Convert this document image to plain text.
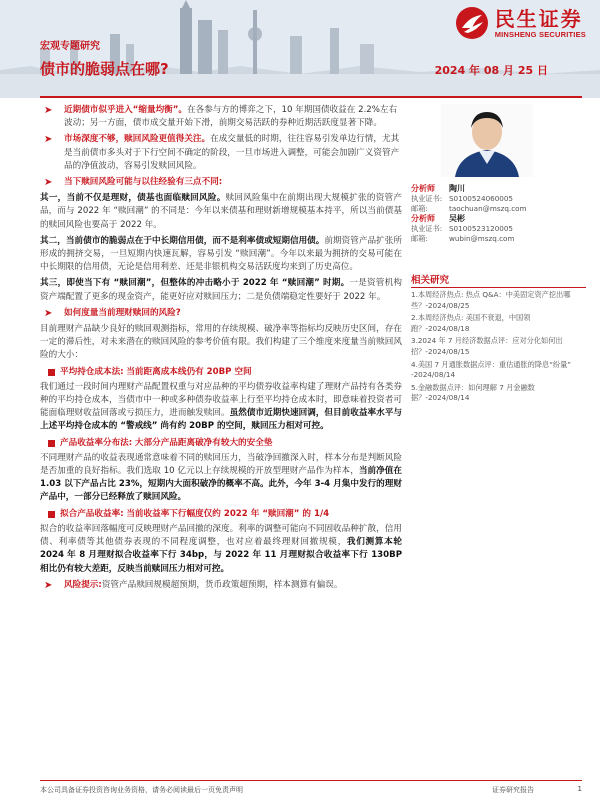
民生证券
MINSHENG SECURITIES
宏观专题研究
债市的脆弱点在哪?	2024 年 08 月 25 日
➤ 近期债市似乎进入“缩量均衡”。在各参与方的博弈之下，10 年期国债收益在 2.2%左右波动；另一方面，债市成交量开始下滑，前期交易活跃的券种近期活跃度显著下降。
➤ 市场深度不够，赎回风险更值得关注。在成交量低的时期，往往容易引发单边行情，尤其是当前债市多头对于下行空间不确定的阶段，一旦市场进入调整，可能会加剧广义资管产品的净值波动，容易引发赎回风险。
➤ 当下赎回风险可能与以往经验有三点不同:
其一，当前不仅是理财，债基也面临赎回风险。赎回风险集中在前期出现大规模扩张的资管产品，而与 2022 年 “赎回潮” 的不同是：今年以来债基和理财新增规模基本持平，所以当前债基的赎回风险也要高于 2022 年。
其二，当前债市的脆弱点在于中长期信用债，而不是利率债或短期信用债。前期资管产品扩张所形成的拥挤交易，一旦短期内快速瓦解，容易引发 “赎回潮”。今年以来最为拥挤的交易可能在中长期限的信用债，无论是信用利差、还是非银机构交易活跃度均来到了历史高位。
其三，即使当下有 “赎回潮”，但整体的冲击略小于 2022 年 “赎回潮” 时期。一是资管机构资产端配置了更多的现金资产，能更好应对赎回压力；二是负债端稳定性要好于 2022 年。
➤ 如何度量当前理财赎回的风险?
目前理财产品缺少良好的赎回观测指标，常用的存续规模、破净率等指标均反映历史区间，存在一定的滞后性，对未来潜在的赎回风险的参考价值有限。我们构建了三个维度来度量当前赎回风险的大小：
平均持仓成本法:
当前距离成本线仍有 20BP 空间
我们通过一段时间内理财产品配置权重与对应品种的平均债券收益率构建了理财产品持有各类券种的平均持仓成本，当债市中一种或多种债券收益率上行至平均持仓成本时，即意味着投资者可能面临理财收益回落或亏损压力，进而触发赎回。虽然债市近期快速回调，但目前收益率水平与上述平均持仓成本的 “警戒线” 尚有约 20BP 的空间，赎回压力相对可控。
产品收益率分布法:
大部分产品距离破净有较大的安全垫
不同理财产品的收益表现通常意味着不同的赎回压力，当破净回撤深入时，样本分布是判断风险是否加重的良好指标。我们选取 10 亿元以上存续规模的开放型理财产品作为样本，当前净值在 1.03 以下产品占比 23%，短期内大面积破净的概率不高。此外，今年 3-4 月集中发行的理财产品中，一部分已经释放了赎回风险。
拟合产品收益率:
当前收益率下行幅度仅约 2022 年 “赎回潮” 的 1/4
拟合的收益率回落幅度可反映理财产品回撤的深度。利率的调整可能向不同固收品种扩散，信用债、利率债等其他债券表现的不同程度调整，也对应着最终理财回撤规模，我们测算本轮 2024 年 8 月理财拟合收益率下行 34bp，与 2022 年 11 月理财拟合收益率下行 130BP 相比仍有较大差距，反映当前赎回压力相对可控。
➤ 风险提示:资管产品赎回规模超预期，货币政策超预期，样本测算有偏误。
分析师	陶川
执业证书: S0100524060005
邮箱:	taochuan@mszq.com
分析师	吴彬
执业证书: S0100523120005
邮箱:	wubin@mszq.com
相关研究
1.本周经济热点: 热点 Q&A：中美固定资产挖出哪些？-2024/08/25
2.本周经济热点: 美国不衰退，中国领跑？-2024/08/18
3.2024 年 7 月经济数据点评：应对分化如何出招？-2024/08/15
4.美国 7 月通胀数据点评：重估通胀的降息“纷量” -2024/08/14
5.金融数据点评：如何理解 7 月金融数据？-2024/08/14
本公司具备证券投资咨询业务资格，请务必阅读最后一页免责声明	证券研究报告	1
